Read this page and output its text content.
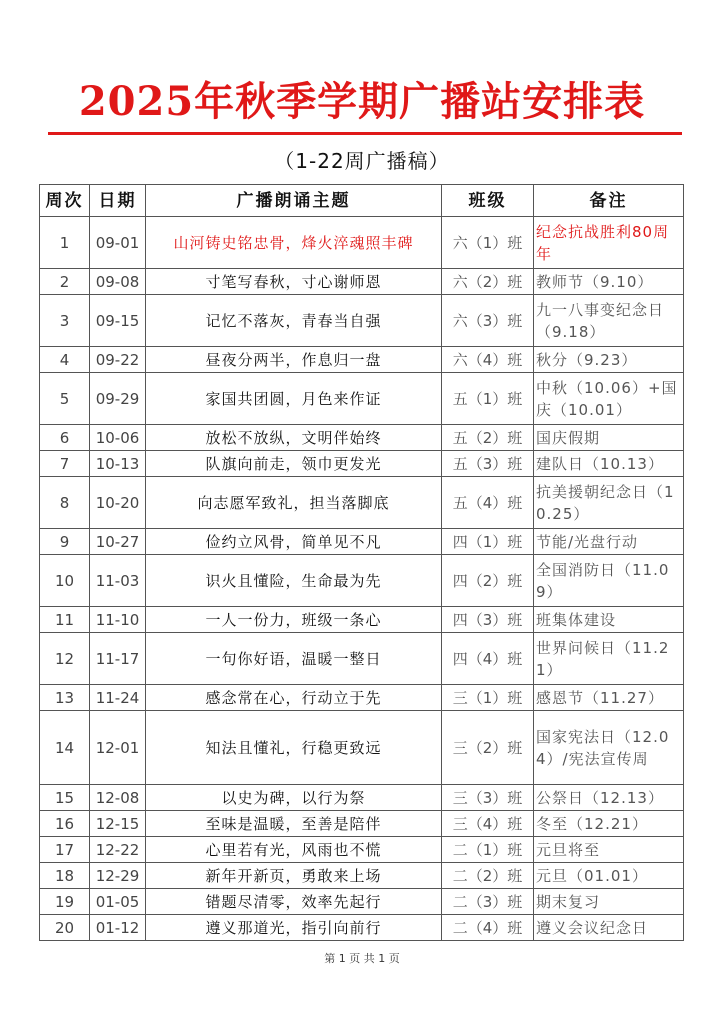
2025年秋季学期广播站安排表
（1-22周广播稿）
周次	日期	广播朗诵主题	班级	备注
1	09-01	山河铸史铭忠骨，烽火淬魂照丰碑	六（1）班	纪念抗战胜利80周年
2	09-08	寸笔写春秋，寸心谢师恩	六（2）班	教师节（9.10）
3	09-15	记忆不落灰，青春当自强	六（3）班	九一八事变纪念日（9.18）
4	09-22	昼夜分两半，作息归一盘	六（4）班	秋分（9.23）
5	09-29	家国共团圆，月色来作证	五（1）班	中秋（10.06）+国庆（10.01）
6	10-06	放松不放纵，文明伴始终	五（2）班	国庆假期
7	10-13	队旗向前走，领巾更发光	五（3）班	建队日（10.13）
8	10-20	向志愿军致礼，担当落脚底	五（4）班	抗美援朝纪念日（10.25）
9	10-27	俭约立风骨，简单见不凡	四（1）班	节能/光盘行动
10	11-03	识火且懂险，生命最为先	四（2）班	全国消防日（11.09）
11	11-10	一人一份力，班级一条心	四（3）班	班集体建设
12	11-17	一句你好语，温暖一整日	四（4）班	世界问候日（11.21）
13	11-24	感念常在心，行动立于先	三（1）班	感恩节（11.27）
14	12-01	知法且懂礼，行稳更致远	三（2）班	国家宪法日（12.04）/宪法宣传周
15	12-08	以史为碑，以行为祭	三（3）班	公祭日（12.13）
16	12-15	至味是温暖，至善是陪伴	三（4）班	冬至（12.21）
17	12-22	心里若有光，风雨也不慌	二（1）班	元旦将至
18	12-29	新年开新页，勇敢来上场	二（2）班	元旦（01.01）
19	01-05	错题尽清零，效率先起行	二（3）班	期末复习
20	01-12	遵义那道光，指引向前行	二（4）班	遵义会议纪念日
第 1 页 共 1 页
